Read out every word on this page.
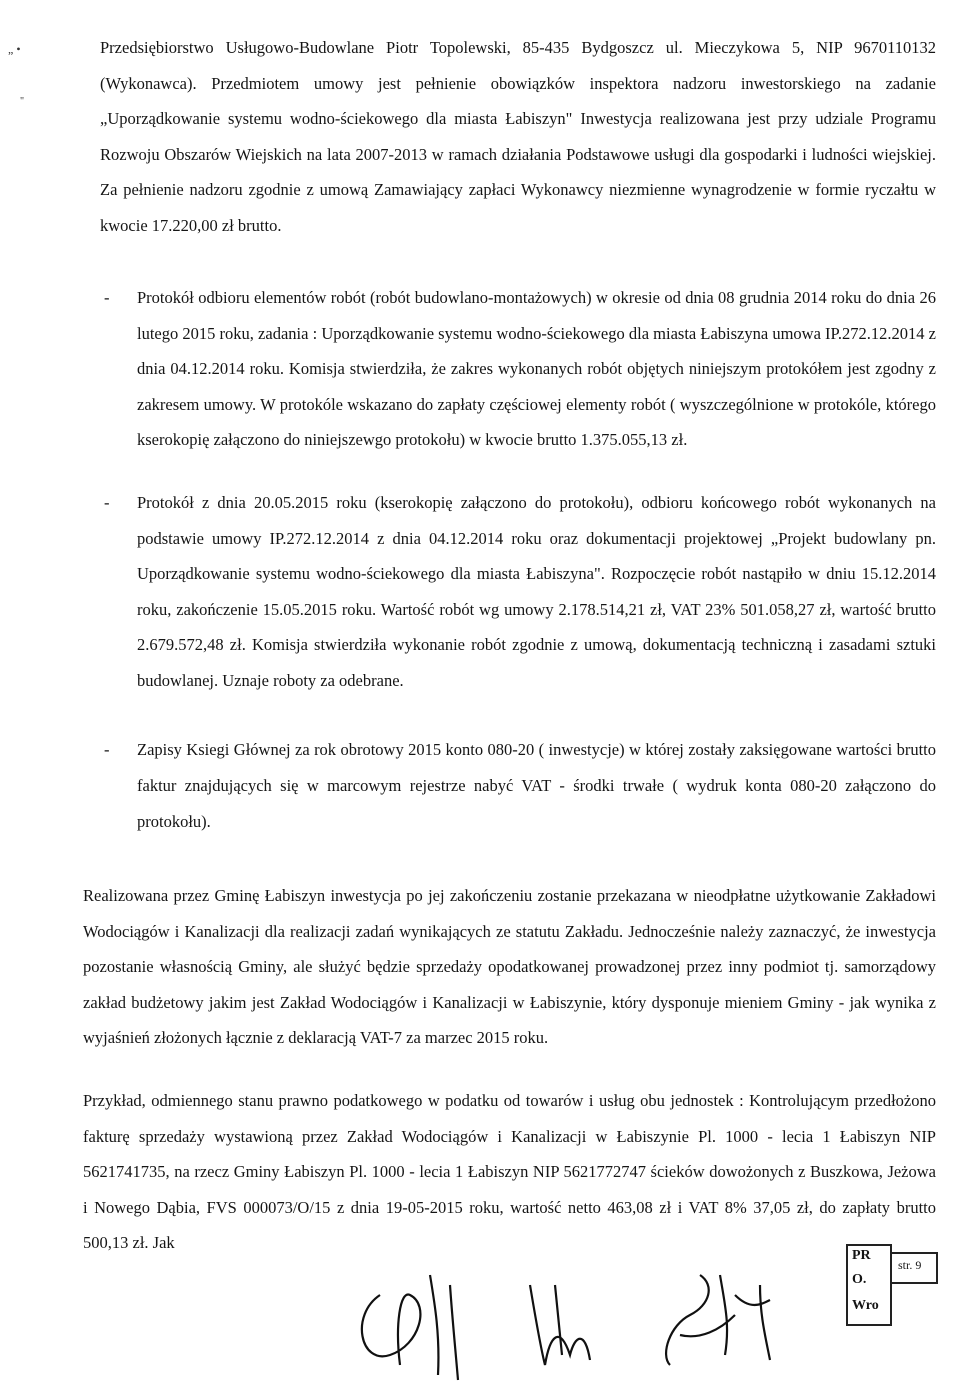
„ •
"

Przedsiębiorstwo Usługowo-Budowlane Piotr Topolewski, 85-435 Bydgoszcz ul. Mieczykowa 5, NIP 9670110132 (Wykonawca). Przedmiotem umowy jest pełnienie obowiązków inspektora nadzoru inwestorskiego na zadanie „Uporządkowanie systemu wodno-ściekowego dla miasta Łabiszyn" Inwestycja realizowana jest przy udziale Programu Rozwoju Obszarów Wiejskich na lata 2007-2013 w ramach działania Podstawowe usługi dla gospodarki i ludności wiejskiej. Za pełnienie nadzoru zgodnie z umową Zamawiający zapłaci Wykonawcy niezmienne wynagrodzenie w formie ryczałtu w kwocie 17.220,00 zł brutto.

- Protokół odbioru elementów robót (robót budowlano-montażowych) w okresie od dnia 08 grudnia 2014 roku do dnia 26 lutego 2015 roku, zadania : Uporządkowanie systemu wodno-ściekowego dla miasta Łabiszyna umowa IP.272.12.2014 z dnia 04.12.2014 roku. Komisja stwierdziła, że zakres wykonanych robót objętych niniejszym protokółem jest zgodny z zakresem umowy. W protokóle wskazano do zapłaty częściowej elementy robót ( wyszczególnione w protokóle, którego kserokopię załączono do niniejszewgo protokołu) w kwocie brutto 1.375.055,13 zł.
- Protokół z dnia 20.05.2015 roku (kserokopię załączono do protokołu), odbioru końcowego robót wykonanych na podstawie umowy IP.272.12.2014 z dnia 04.12.2014 roku oraz dokumentacji projektowej „Projekt budowlany pn. Uporządkowanie systemu wodno-ściekowego dla miasta Łabiszyna". Rozpoczęcie robót nastąpiło w dniu 15.12.2014 roku, zakończenie 15.05.2015 roku. Wartość robót wg umowy 2.178.514,21 zł, VAT 23% 501.058,27 zł, wartość brutto 2.679.572,48 zł. Komisja stwierdziła wykonanie robót zgodnie z umową, dokumentacją techniczną i zasadami sztuki budowlanej. Uznaje roboty za odebrane.
- Zapisy Ksiegi Głównej za rok obrotowy 2015 konto 080-20 ( inwestycje) w której zostały zaksięgowane wartości brutto faktur znajdujących się w marcowym rejestrze nabyć VAT - środki trwałe ( wydruk konta 080-20 załączono do protokołu).

Realizowana przez Gminę Łabiszyn inwestycja po jej zakończeniu zostanie przekazana w nieodpłatne użytkowanie Zakładowi Wodociągów i Kanalizacji dla realizacji zadań wynikających ze statutu Zakładu. Jednocześnie należy zaznaczyć, że inwestycja pozostanie własnością Gminy, ale służyć będzie sprzedaży opodatkowanej prowadzonej przez inny podmiot tj. samorządowy zakład budżetowy jakim jest Zakład Wodociągów i Kanalizacji w Łabiszynie, który dysponuje mieniem Gminy - jak wynika z wyjaśnień złożonych łącznie z deklaracją VAT-7 za marzec 2015 roku.

Przykład, odmiennego stanu prawno podatkowego w podatku od towarów i usług obu jednostek : Kontrolującym przedłożono fakturę sprzedaży wystawioną przez Zakład Wodociągów i Kanalizacji w Łabiszynie Pl. 1000 - lecia 1 Łabiszyn NIP 5621741735, na rzecz Gminy Łabiszyn Pl. 1000 - lecia 1 Łabiszyn NIP 5621772747 ścieków dowożonych z Buszkowa, Jeżowa i Nowego Dąbia, FVS 000073/O/15 z dnia 19-05-2015 roku, wartość netto 463,08 zł i VAT 8% 37,05 zł, do zapłaty brutto 500,13 zł. Jak

PR
O.
Wro
str. 9
